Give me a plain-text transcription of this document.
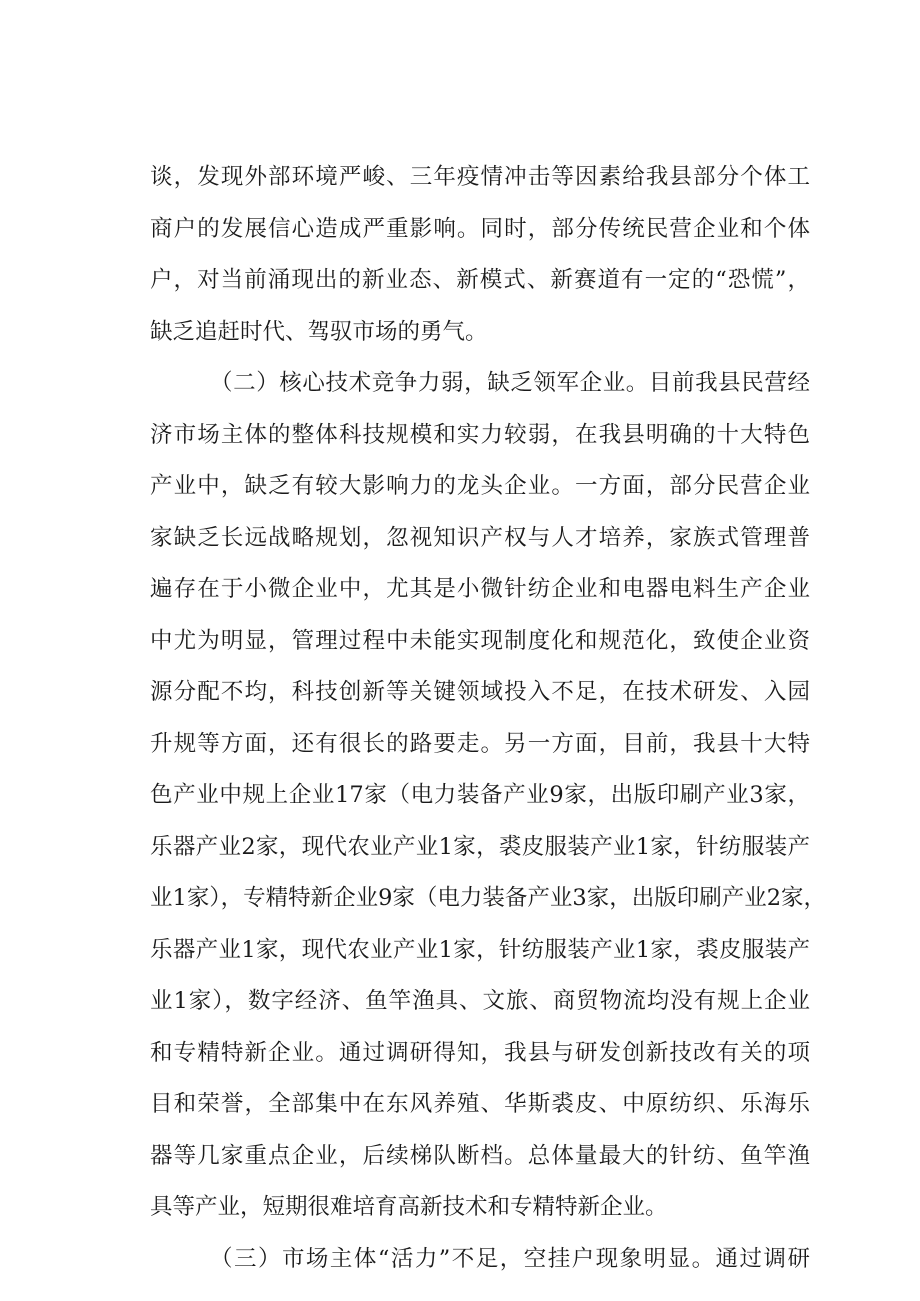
谈，发现外部环境严峻、三年疫情冲击等因素给我县部分个体工
商户的发展信心造成严重影响。同时，部分传统民营企业和个体
户，对当前涌现出的新业态、新模式、新赛道有一定的“恐慌”，
缺乏追赶时代、驾驭市场的勇气。
（二）核心技术竞争力弱，缺乏领军企业。目前我县民营经
济市场主体的整体科技规模和实力较弱，在我县明确的十大特色
产业中，缺乏有较大影响力的龙头企业。一方面，部分民营企业
家缺乏长远战略规划，忽视知识产权与人才培养，家族式管理普
遍存在于小微企业中，尤其是小微针纺企业和电器电料生产企业
中尤为明显，管理过程中未能实现制度化和规范化，致使企业资
源分配不均，科技创新等关键领域投入不足，在技术研发、入园
升规等方面，还有很长的路要走。另一方面，目前，我县十大特
色产业中规上企业17家（电力装备产业9家，出版印刷产业3家，
乐器产业2家，现代农业产业1家，裘皮服装产业1家，针纺服装产
业1家），专精特新企业9家（电力装备产业3家，出版印刷产业2家，
乐器产业1家，现代农业产业1家，针纺服装产业1家，裘皮服装产
业1家），数字经济、鱼竿渔具、文旅、商贸物流均没有规上企业
和专精特新企业。通过调研得知，我县与研发创新技改有关的项
目和荣誉，全部集中在东风养殖、华斯裘皮、中原纺织、乐海乐
器等几家重点企业，后续梯队断档。总体量最大的针纺、鱼竿渔
具等产业，短期很难培育高新技术和专精特新企业。
（三）市场主体“活力”不足，空挂户现象明显。通过调研
